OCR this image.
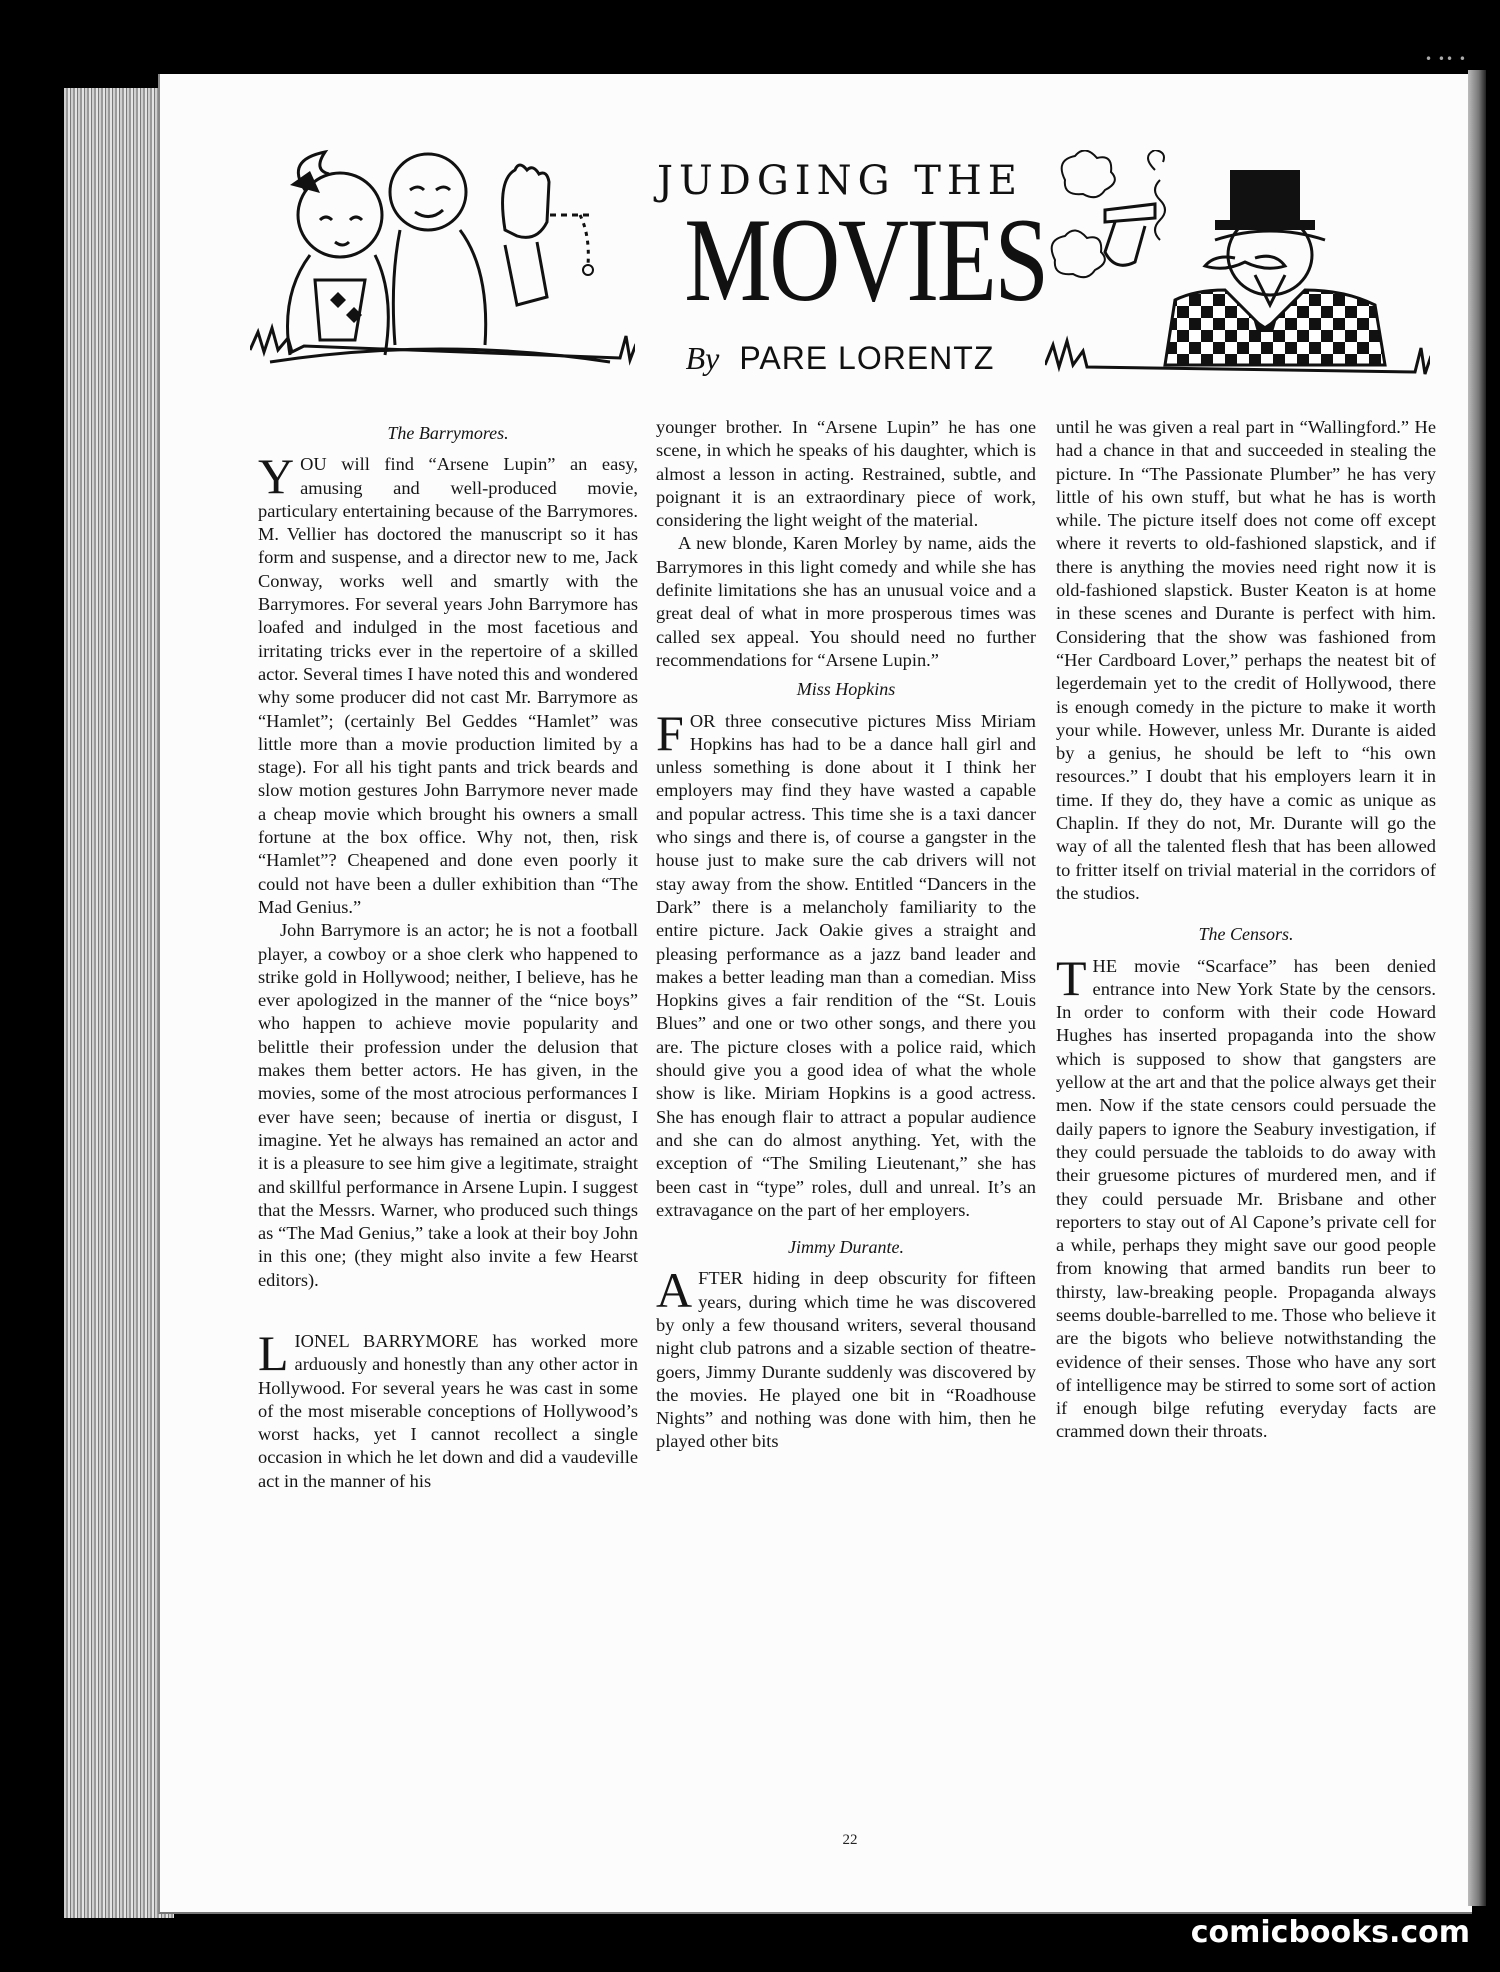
• •• •
JUDGING THE
MOVIES
By PARE LORENTZ
The Barrymores.

YOU will find “Arsene Lupin” an easy, amusing and well-produced movie, particulary entertaining because of the Barrymores. M. Vellier has doctored the manuscript so it has form and suspense, and a director new to me, Jack Conway, works well and smartly with the Barrymores. For several years John Barrymore has loafed and indulged in the most facetious and irritating tricks ever in the repertoire of a skilled actor. Several times I have noted this and wondered why some producer did not cast Mr. Barrymore as “Hamlet”; (certainly Bel Geddes “Hamlet” was little more than a movie production limited by a stage). For all his tight pants and trick beards and slow motion gestures John Barrymore never made a cheap movie which brought his owners a small fortune at the box office. Why not, then, risk “Hamlet”? Cheapened and done even poorly it could not have been a duller exhibition than “The Mad Genius.”

John Barrymore is an actor; he is not a football player, a cowboy or a shoe clerk who happened to strike gold in Hollywood; neither, I believe, has he ever apologized in the manner of the “nice boys” who happen to achieve movie popularity and belittle their profession under the delusion that makes them better actors. He has given, in the movies, some of the most atrocious performances I ever have seen; because of inertia or disgust, I imagine. Yet he always has remained an actor and it is a pleasure to see him give a legitimate, straight and skillful performance in Arsene Lupin. I suggest that the Messrs. Warner, who produced such things as “The Mad Genius,” take a look at their boy John in this one; (they might also invite a few Hearst editors).

LIONEL BARRYMORE has worked more arduously and honestly than any other actor in Hollywood. For several years he was cast in some of the most miserable conceptions of Hollywood’s worst hacks, yet I cannot recollect a single occasion in which he let down and did a vaudeville act in the manner of his

younger brother. In “Arsene Lupin” he has one scene, in which he speaks of his daughter, which is almost a lesson in acting. Restrained, subtle, and poignant it is an extraordinary piece of work, considering the light weight of the material.

A new blonde, Karen Morley by name, aids the Barrymores in this light comedy and while she has definite limitations she has an unusual voice and a great deal of what in more prosperous times was called sex appeal. You should need no further recommendations for “Arsene Lupin.”

Miss Hopkins

FOR three consecutive pictures Miss Miriam Hopkins has had to be a dance hall girl and unless something is done about it I think her employers may find they have wasted a capable and popular actress. This time she is a taxi dancer who sings and there is, of course a gangster in the house just to make sure the cab drivers will not stay away from the show. Entitled “Dancers in the Dark” there is a melancholy familiarity to the entire picture. Jack Oakie gives a straight and pleasing performance as a jazz band leader and makes a better leading man than a comedian. Miss Hopkins gives a fair rendition of the “St. Louis Blues” and one or two other songs, and there you are. The picture closes with a police raid, which should give you a good idea of what the whole show is like. Miriam Hopkins is a good actress. She has enough flair to attract a popular audience and she can do almost anything. Yet, with the exception of “The Smiling Lieutenant,” she has been cast in “type” roles, dull and unreal. It’s an extravagance on the part of her employers.

Jimmy Durante.

AFTER hiding in deep obscurity for fifteen years, during which time he was discovered by only a few thousand writers, several thousand night club patrons and a sizable section of theatre-goers, Jimmy Durante suddenly was discovered by the movies. He played one bit in “Roadhouse Nights” and nothing was done with him, then he played other bits

until he was given a real part in “Wallingford.” He had a chance in that and succeeded in stealing the picture. In “The Passionate Plumber” he has very little of his own stuff, but what he has is worth while. The picture itself does not come off except where it reverts to old-fashioned slapstick, and if there is anything the movies need right now it is old-fashioned slapstick. Buster Keaton is at home in these scenes and Durante is perfect with him. Considering that the show was fashioned from “Her Cardboard Lover,” perhaps the neatest bit of legerdemain yet to the credit of Hollywood, there is enough comedy in the picture to make it worth your while. However, unless Mr. Durante is aided by a genius, he should be left to “his own resources.” I doubt that his employers learn it in time. If they do, they have a comic as unique as Chaplin. If they do not, Mr. Durante will go the way of all the talented flesh that has been allowed to fritter itself on trivial material in the corridors of the studios.

The Censors.

THE movie “Scarface” has been denied entrance into New York State by the censors. In order to conform with their code Howard Hughes has inserted propaganda into the show which is supposed to show that gangsters are yellow at the art and that the police always get their men. Now if the state censors could persuade the daily papers to ignore the Seabury investigation, if they could persuade the tabloids to do away with their gruesome pictures of murdered men, and if they could persuade Mr. Brisbane and other reporters to stay out of Al Capone’s private cell for a while, perhaps they might save our good people from knowing that armed bandits run beer to thirsty, law-breaking people. Propaganda always seems double-barrelled to me. Those who believe it are the bigots who believe notwithstanding the evidence of their senses. Those who have any sort of intelligence may be stirred to some sort of action if enough bilge refuting everyday facts are crammed down their throats.

22
comicbooks.com
